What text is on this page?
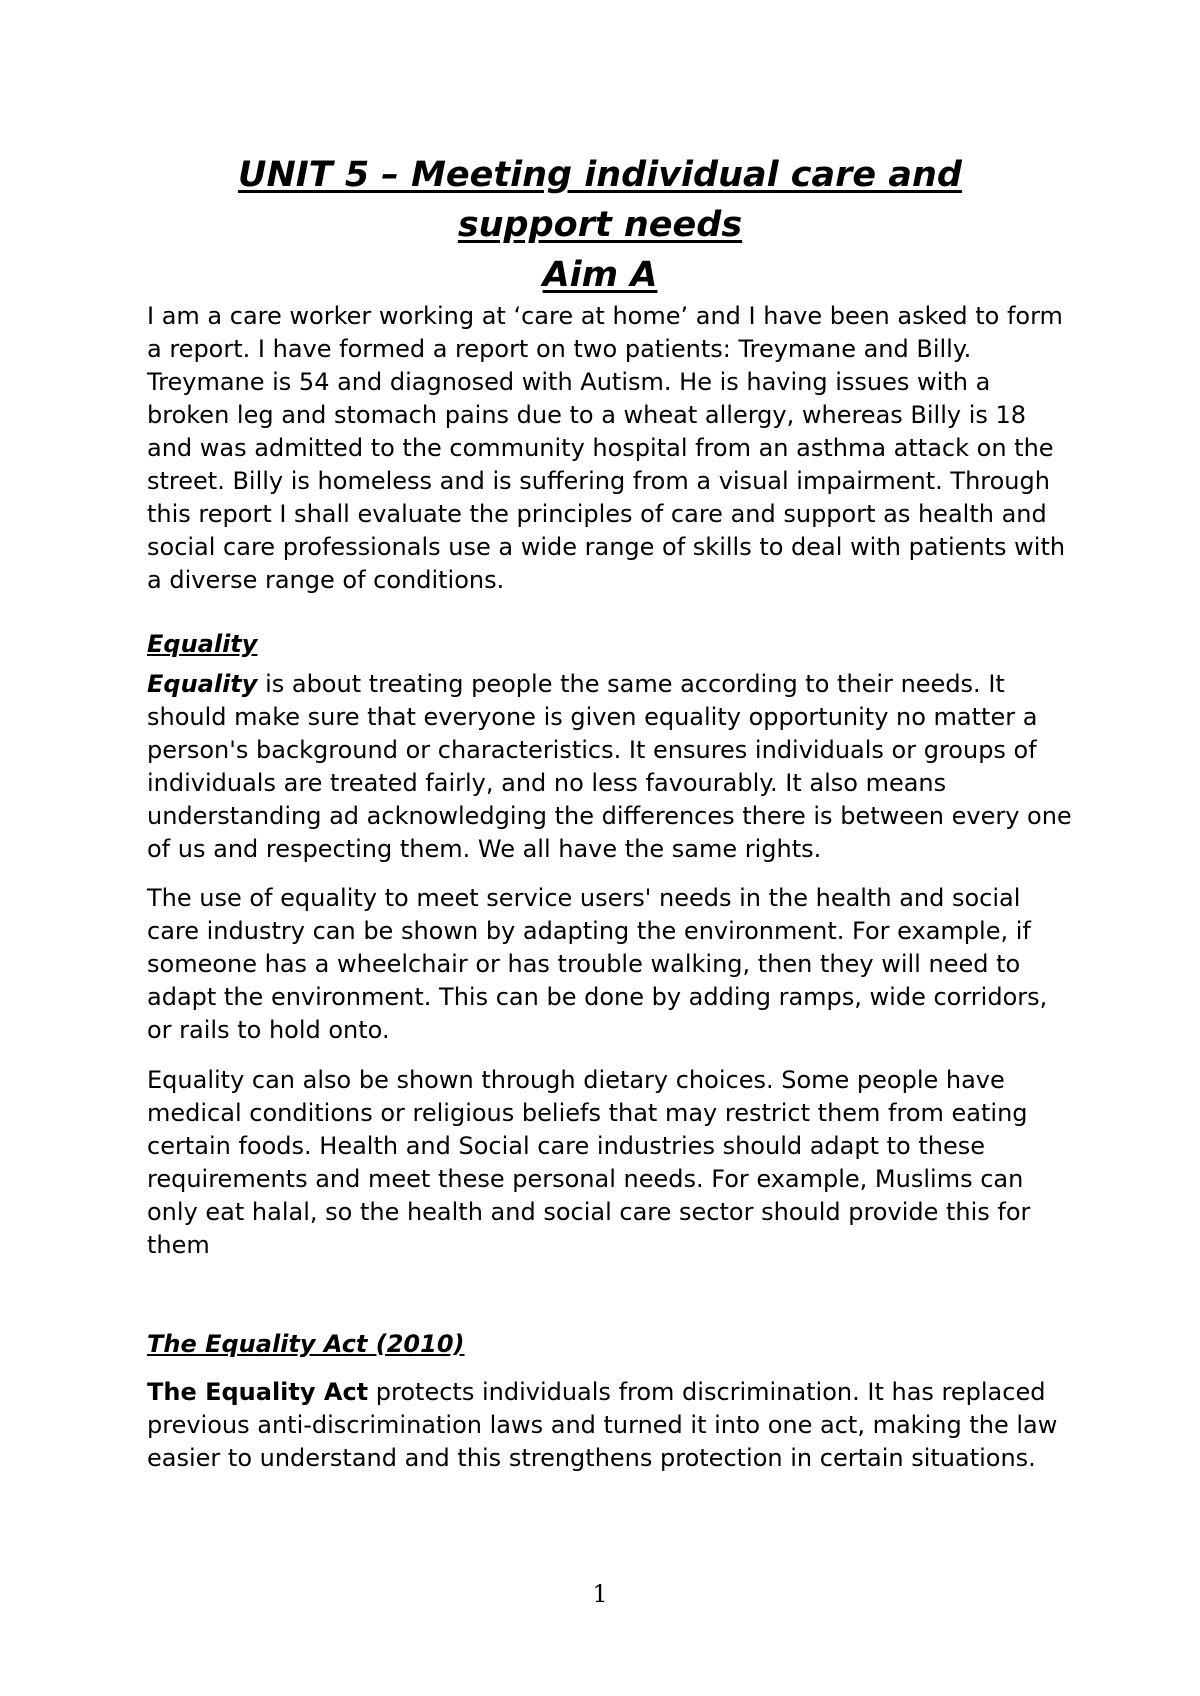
UNIT 5 – Meeting individual care and
support needs
Aim A

I am a care worker working at ‘care at home’ and I have been asked to form a report. I have formed a report on two patients: Treymane and Billy. Treymane is 54 and diagnosed with Autism. He is having issues with a broken leg and stomach pains due to a wheat allergy, whereas Billy is 18 and was admitted to the community hospital from an asthma attack on the street. Billy is homeless and is suffering from a visual impairment. Through this report I shall evaluate the principles of care and support as health and social care professionals use a wide range of skills to deal with patients with a diverse range of conditions.

Equality

Equality is about treating people the same according to their needs. It should make sure that everyone is given equality opportunity no matter a person's background or characteristics. It ensures individuals or groups of individuals are treated fairly, and no less favourably. It also means understanding ad acknowledging the differences there is between every one of us and respecting them. We all have the same rights.

The use of equality to meet service users' needs in the health and social care industry can be shown by adapting the environment. For example, if someone has a wheelchair or has trouble walking, then they will need to adapt the environment. This can be done by adding ramps, wide corridors, or rails to hold onto.

Equality can also be shown through dietary choices. Some people have medical conditions or religious beliefs that may restrict them from eating certain foods. Health and Social care industries should adapt to these requirements and meet these personal needs. For example, Muslims can only eat halal, so the health and social care sector should provide this for them

The Equality Act (2010)

The Equality Act protects individuals from discrimination. It has replaced previous anti-discrimination laws and turned it into one act, making the law easier to understand and this strengthens protection in certain situations.

1
